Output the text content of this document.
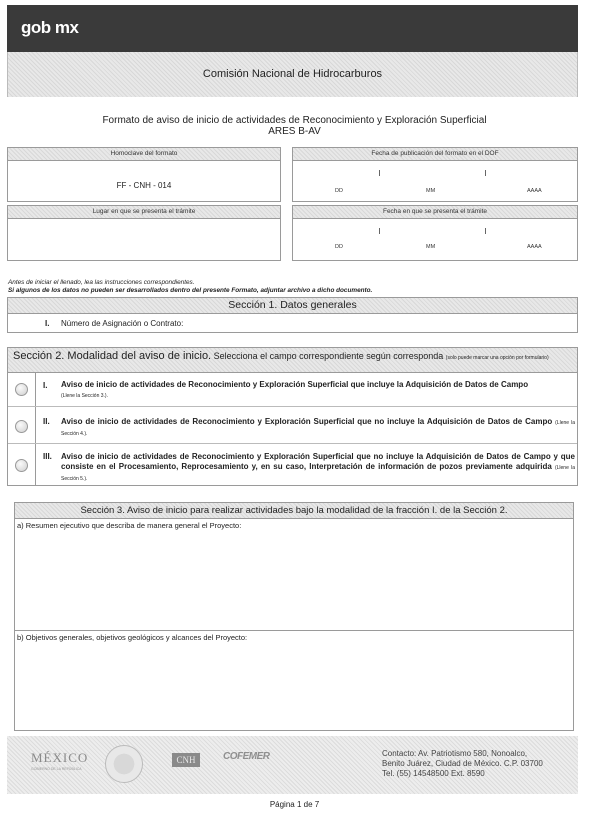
gob mx
Comisión Nacional de Hidrocarburos
Formato de aviso de inicio de actividades de Reconocimiento y Exploración Superficial
ARES B-AV
Homoclave del formato
FF - CNH - 014
Fecha de publicación del formato en el DOF
DD	MM	AAAA
Lugar en que se presenta el trámite	Fecha en que se presenta el trámite
DD	MM	AAAA
Antes de iniciar el llenado, lea las instrucciones correspondientes.
Si algunos de los datos no pueden ser desarrollados dentro del presente Formato, adjuntar archivo a dicho documento.
Sección 1. Datos generales
I. Número de Asignación o Contrato:
Sección 2. Modalidad del aviso de inicio. Selecciona el campo correspondiente según corresponda (solo puede marcar una opción por formulario)
I. Aviso de inicio de actividades de Reconocimiento y Exploración Superficial que incluye la Adquisición de Datos de Campo
(Llene la Sección 3.).
II. Aviso de inicio de actividades de Reconocimiento y Exploración Superficial que no incluye la Adquisición de Datos de Campo (Llene la Sección 4.).
III. Aviso de inicio de actividades de Reconocimiento y Exploración Superficial que no incluye la Adquisición de Datos de Campo y que consiste en el Procesamiento, Reprocesamiento y, en su caso, Interpretación de información de pozos previamente adquirida (Llene la Sección 5.).
Sección 3. Aviso de inicio para realizar actividades bajo la modalidad de la fracción I. de la Sección 2.
a) Resumen ejecutivo que describa de manera general el Proyecto:
b) Objetivos generales, objetivos geológicos y alcances del Proyecto:
MÉXICO
GOBIERNO DE LA REPÚBLICA
CNH	COFEMER	Contacto: Av. Patriotismo 580, Nonoalco,
Benito Juárez, Ciudad de México. C.P. 03700
Tel. (55) 14548500 Ext. 8590
Página 1 de 7
